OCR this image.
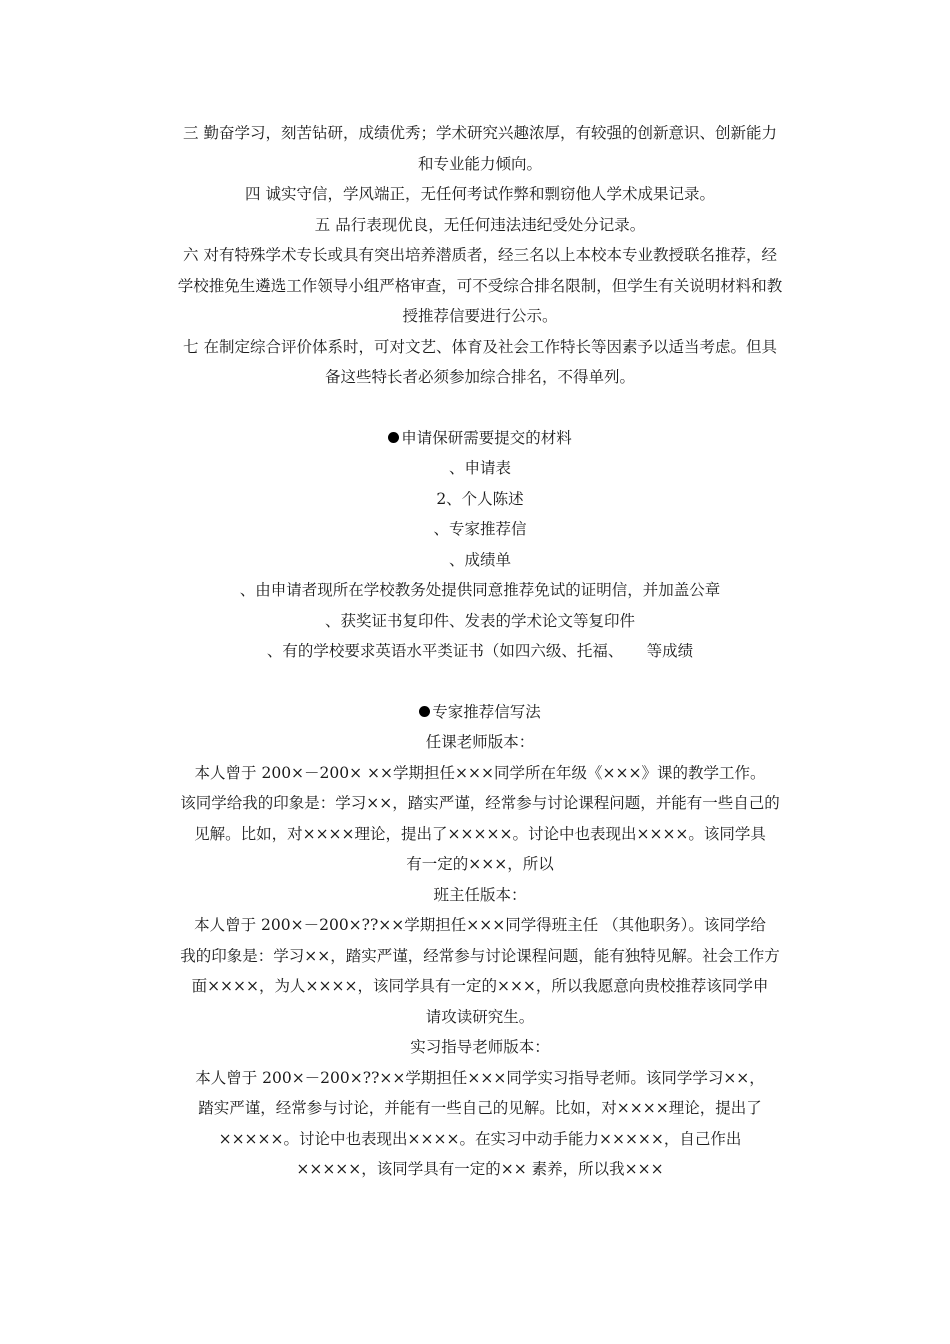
三 勤奋学习，刻苦钻研，成绩优秀；学术研究兴趣浓厚，有较强的创新意识、创新能力
和专业能力倾向。
四 诚实守信，学风端正，无任何考试作弊和剽窃他人学术成果记录。
五 品行表现优良，无任何违法违纪受处分记录。
六 对有特殊学术专长或具有突出培养潜质者，经三名以上本校本专业教授联名推荐，经
学校推免生遴选工作领导小组严格审查，可不受综合排名限制，但学生有关说明材料和教
授推荐信要进行公示。
七 在制定综合评价体系时，可对文艺、体育及社会工作特长等因素予以适当考虑。但具
备这些特长者必须参加综合排名，不得单列。
申请保研需要提交的材料
、申请表
2、个人陈述
、专家推荐信
、成绩单
、由申请者现所在学校教务处提供同意推荐免试的证明信，并加盖公章
、获奖证书复印件、发表的学术论文等复印件
、有的学校要求英语水平类证书（如四六级、托福、　　等成绩
专家推荐信写法
任课老师版本：
本人曾于 200×－200× ××学期担任×××同学所在年级《×××》课的教学工作。
该同学给我的印象是：学习××，踏实严谨，经常参与讨论课程问题，并能有一些自己的
见解。比如，对××××理论，提出了×××××。讨论中也表现出××××。该同学具
有一定的×××，所以
班主任版本：
本人曾于 200×－200×??××学期担任×××同学得班主任 （其他职务）。该同学给
我的印象是：学习××，踏实严谨，经常参与讨论课程问题，能有独特见解。社会工作方
面××××，为人××××，该同学具有一定的×××，所以我愿意向贵校推荐该同学申
请攻读研究生。
实习指导老师版本：
本人曾于 200×－200×??××学期担任×××同学实习指导老师。该同学学习××，
踏实严谨，经常参与讨论，并能有一些自己的见解。比如，对××××理论，提出了
×××××。讨论中也表现出××××。在实习中动手能力×××××，自己作出
×××××，该同学具有一定的×× 素养，所以我×××
